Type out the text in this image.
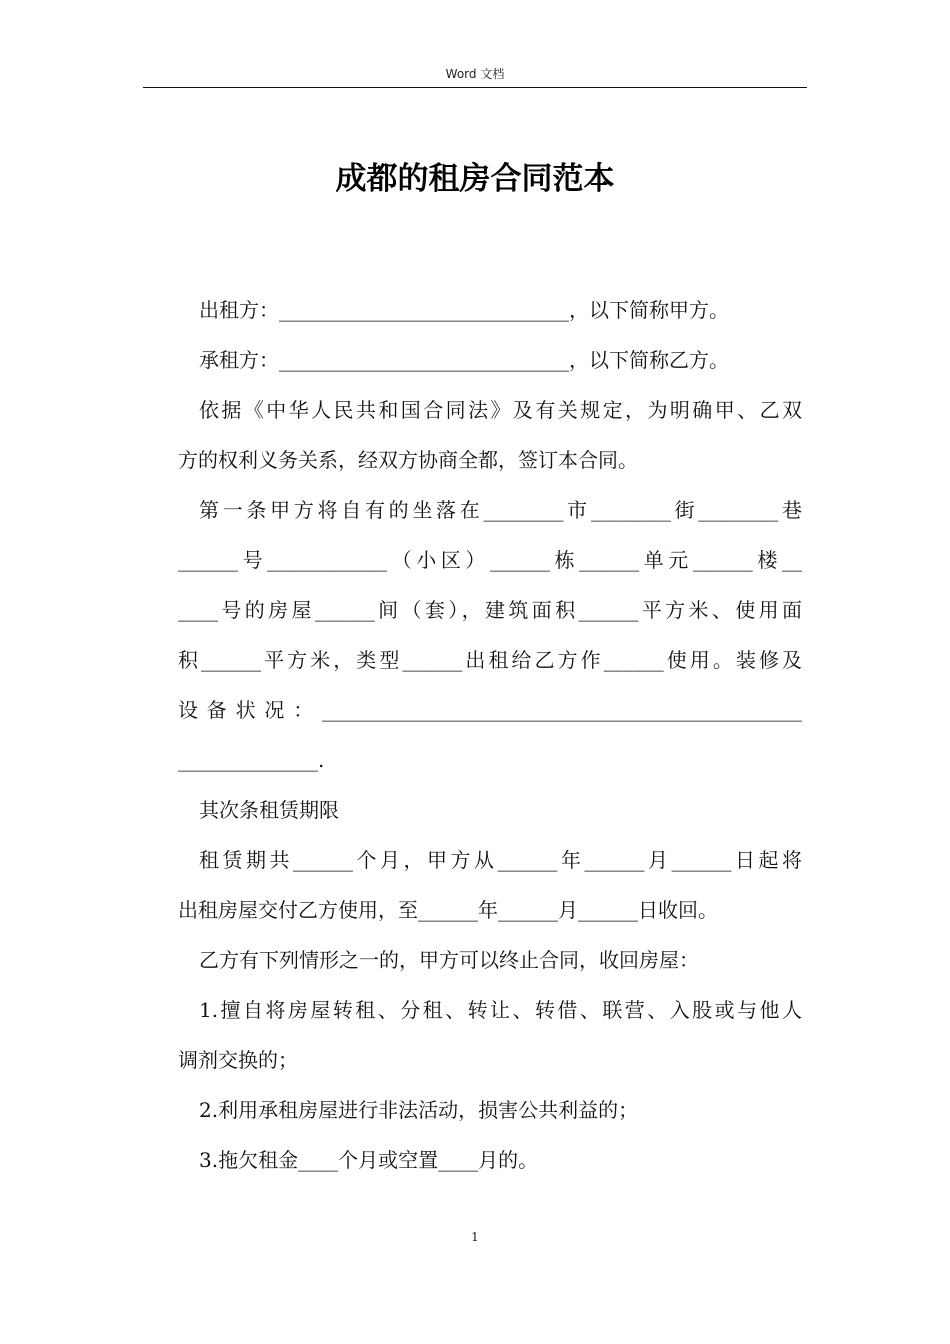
Word 文档
成都的租房合同范本
出租方：_____________________________，以下简称甲方。
承租方：_____________________________，以下简称乙方。
依据《中华人民共和国合同法》及有关规定，为明确甲、乙双
方的权利义务关系，经双方协商全都，签订本合同。
第一条甲方将自有的坐落在________市________街________巷
______号____________（小区）______栋______单元______楼__
____号的房屋______间（套），建筑面积______平方米、使用面
积______平方米，类型______出租给乙方作______使用。装修及
设备状况：________________________________________________
______________.
其次条租赁期限
租赁期共______个月，甲方从______年______月______日起将
出租房屋交付乙方使用，至______年______月______日收回。
乙方有下列情形之一的，甲方可以终止合同，收回房屋：
1.擅自将房屋转租、分租、转让、转借、联营、入股或与他人
调剂交换的；
2.利用承租房屋进行非法活动，损害公共利益的；
3.拖欠租金____个月或空置____月的。
1
